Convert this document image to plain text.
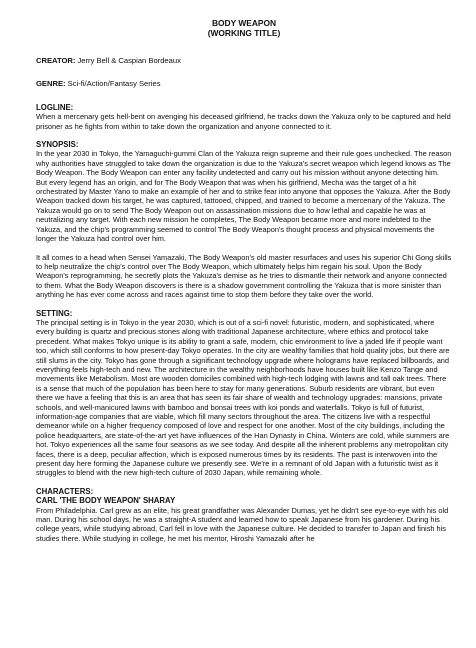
BODY WEAPON
(WORKING TITLE)
CREATOR: Jerry Bell & Caspian Bordeaux
GENRE: Sci-fi/Action/Fantasy Series
LOGLINE:

When a mercenary gets hell-bent on avenging his deceased girlfriend, he tracks down the Yakuza only to be captured and held prisoner as he fights from within to take down the organization and anyone connected to it.

SYNOPSIS:

In the year 2030 in Tokyo, the Yamaguchi-gummi Clan of the Yakuza reign supreme and their rule goes unchecked. The reason why authorities have struggled to take down the organization is due to the Yakuza's secret weapon which legend knows as The Body Weapon. The Body Weapon can enter any facility undetected and carry out his mission without anyone detecting him. But every legend has an origin, and for The Body Weapon that was when his girlfriend, Mecha was the target of a hit orchestrated by Master Yano to make an example of her and to strike fear into anyone that opposes the Yakuza. After the Body Weapon tracked down his target, he was captured, tattooed, chipped, and trained to become a mercenary of the Yakuza. The Yakuza would go on to send The Body Weapon out on assassination missions due to how lethal and capable he was at neutralizing any target. With each new mission he completes, The Body Weapon became more and more indebted to the Yakuza, and the chip's programming seemed to control The Body Weapon's thought process and physical movements the longer the Yakuza had control over him.

It all comes to a head when Sensei Yamazaki, The Body Weapon's old master resurfaces and uses his superior Chi Gong skills to help neutralize the chip's control over The Body Weapon, which ultimately helps him regain his soul. Upon the Body Weapon's reprogramming, he secretly plots the Yakuza's demise as he tries to dismantle their network and anyone connected to them. What the Body Weapon discovers is there is a shadow government controlling the Yakuza that is more sinister than anything he has ever come across and races against time to stop them before they take over the world.

SETTING:

The principal setting is in Tokyo in the year 2030, which is out of a sci-fi novel: futuristic, modern, and sophisticated, where every building is quartz and precious stones along with traditional Japanese architecture, where ethics and protocol take precedent. What makes Tokyo unique is its ability to grant a safe, modern, chic environment to live a jaded life if people want too, which still conforms to how present-day Tokyo operates. In the city are wealthy families that hold quality jobs, but there are still slums in the city. Tokyo has gone through a significant technology upgrade where holograms have replaced billboards, and everything feels high-tech and new. The architecture in the wealthy neighborhoods have houses built like Kenzo Tange and movements like Metabolism. Most are wooden domiciles combined with high-tech lodging with lawns and tall oak trees. There is a sense that much of the population has been here to stay for many generations. Suburb residents are vibrant, but even there we have a feeling that this is an area that has seen its fair share of wealth and technology upgrades: mansions, private schools, and well-manicured lawns with bamboo and bonsai trees with koi ponds and waterfalls. Tokyo is full of futurist, information-age companies that are viable, which fill many sectors throughout the area. The citizens live with a respectful demeanor while on a higher frequency composed of love and respect for one another. Most of the city buildings, including the police headquarters, are state-of-the-art yet have influences of the Han Dynasty in China. Winters are cold, while summers are hot. Tokyo experiences all the same four seasons as we see today. And despite all the inherent problems any metropolitan city faces, there is a deep, peculiar affection, which is exposed numerous times by its residents. The past is interwoven into the present day here forming the Japanese culture we presently see. We're in a remnant of old Japan with a futuristic twist as it struggles to blend with the new high-tech culture of 2030 Japan, while remaining whole.

CHARACTERS:
CARL 'THE BODY WEAPON' SHARAY

From Philadelphia. Carl grew as an elite, his great grandfather was Alexander Dumas, yet he didn't see eye-to-eye with his old man. During his school days, he was a straight-A student and learned how to speak Japanese from his gardener. During his college years, while studying abroad, Carl fell in love with the Japanese culture. He decided to transfer to Japan and finish his studies there. While studying in college, he met his mentor, Hiroshi Yamazaki after he
